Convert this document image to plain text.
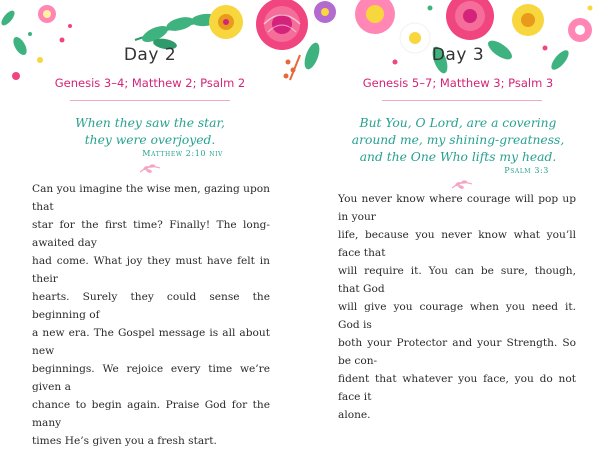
Day 2
Genesis 3–4; Matthew 2; Psalm 2
When they saw the star,
they were overjoyed.
Matthew 2:10 niv
Can you imagine the wise men, gazing upon that
star for the first time? Finally! The long-awaited day
had come. What joy they must have felt in their
hearts. Surely they could sense the beginning of
a new era. The Gospel message is all about new
beginnings. We rejoice every time we’re given a
chance to begin again. Praise God for the many
times He’s given you a fresh start.
Day 3
Genesis 5–7; Matthew 3; Psalm 3
But You, O Lord, are a covering
around me, my shining-greatness,
and the One Who lifts my head.
Psalm 3:3
You never know where courage will pop up in your
life, because you never know what you’ll face that
will require it. You can be sure, though, that God
will give you courage when you need it. God is
both your Protector and your Strength. So be con-
fident that whatever you face, you do not face it
alone.
